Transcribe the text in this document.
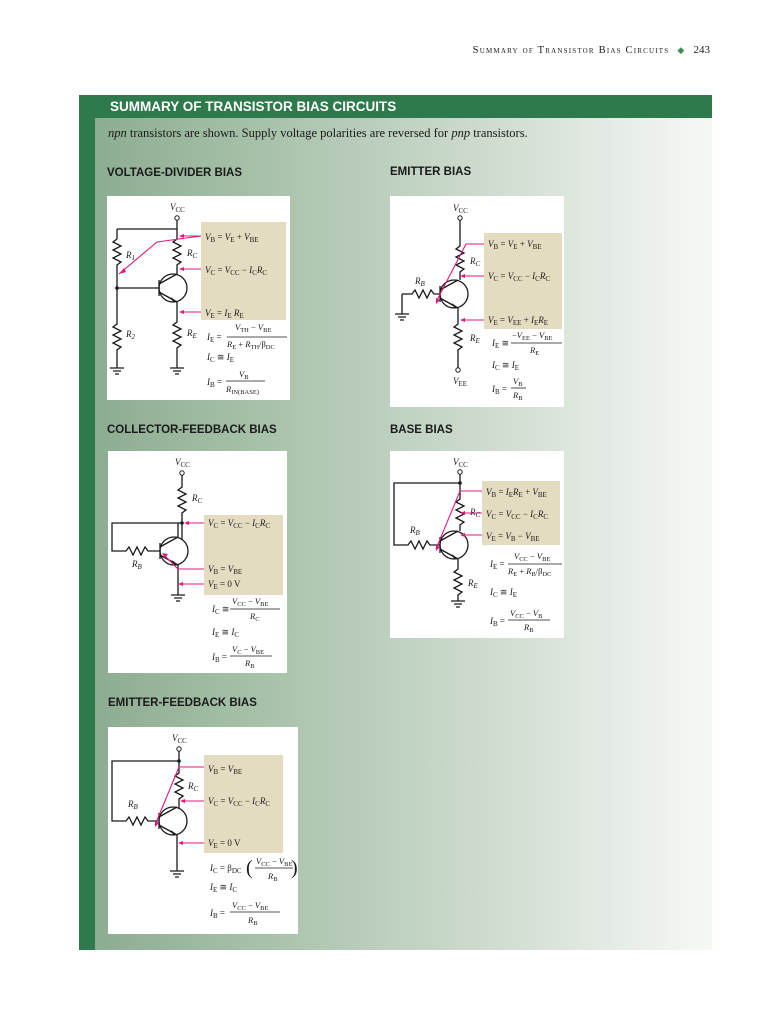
Summary of Transistor Bias Circuits ◆ 243
SUMMARY OF TRANSISTOR BIAS CIRCUITS
npn transistors are shown. Supply voltage polarities are reversed for pnp transistors.
VOLTAGE-DIVIDER BIAS	EMITTER BIAS
COLLECTOR-FEEDBACK BIAS	BASE BIAS
EMITTER-FEEDBACK BIAS
$V_{CC}$
$R_1$	$R_C$
$R_2$	$R_E$
$V_B = V_E + V_{BE}$
$V_C = V_{CC} - I_CR_C$
$V_E = I_E$ $R_E$
$I_E$ =
$V_{TH} - V_{BE}$
$R_E + R_{TH}/\beta_{DC}$
$I_C$ ≅ $I_E$
$I_B$ =
$V_B$
$R_{IN(BASE)}$
$V_{CC}$
$R_C$
$R_B$
$R_E$
$V_{EE}$
$V_B = V_E + V_{BE}$
$V_C = V_{CC} - I_CR_C$
$V_E = V_{EE} + I_ER_E$
$I_E$ ≅
$-V_{EE} - V_{BE}$
$R_E$
$I_C$ ≅ $I_E$
$I_B$ =
$V_B$
$R_B$
$V_{CC}$
$R_C$
$R_B$
$V_C = V_{CC} - I_CR_C$
$V_B = V_{BE}$
$V_E = 0$ V
$I_C$ ≅
$V_{CC} - V_{BE}$
$R_C$
$I_E$ ≅ $I_C$
$I_B$ =
$V_C - V_{BE}$
$R_B$
$V_{CC}$
$R_B$
$R_C$
$R_E$
$V_B = I_ER_E + V_{BE}$
$V_C = V_{CC} - I_CR_C$
$V_E = V_B - V_{BE}$
$I_E$ =
$V_{CC} - V_{BE}$
$R_E + R_B/\beta_{DC}$
$I_C$ ≅ $I_E$
$I_B$ =
$V_{CC} - V_B$
$R_B$
$V_{CC}$
$R_B$
$R_C$
$V_B = V_{BE}$
$V_C = V_{CC} - I_CR_C$
$V_E = 0$ V
$I_C = \beta_{DC}$ ( $V_{CC} - V_{BE}$
$R_B$
)
$I_E$ ≅ $I_C$
$I_B$ =
$V_{CC} - V_{BE}$
$R_B$
